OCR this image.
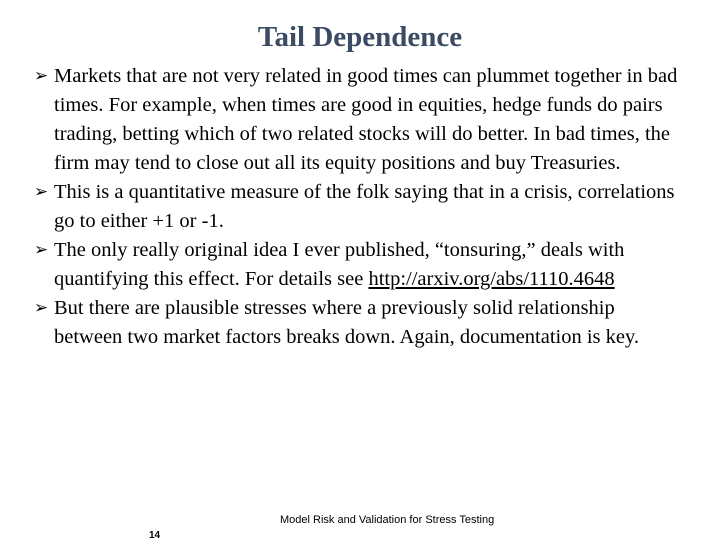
Tail Dependence
➢ Markets that are not very related in good times can plummet together in bad times. For example, when times are good in equities, hedge funds do pairs trading, betting which of two related stocks will do better. In bad times, the firm may tend to close out all its equity positions and buy Treasuries.
➢ This is a quantitative measure of the folk saying that in a crisis, correlations go to either +1 or -1.
➢ The only really original idea I ever published, “tonsuring,” deals with quantifying this effect. For details see http://arxiv.org/abs/1110.4648
➢ But there are plausible stresses where a previously solid relationship between two market factors breaks down. Again, documentation is key.
Model Risk and Validation for Stress Testing
14
